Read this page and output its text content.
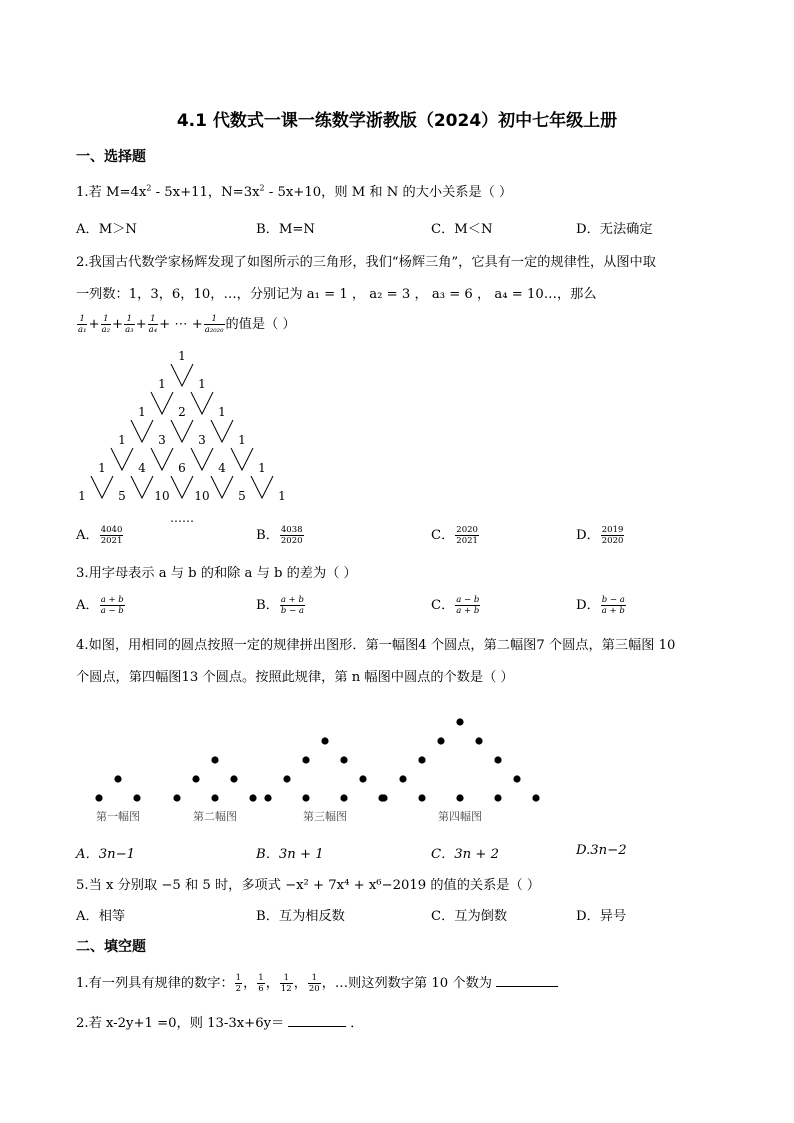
4.1 代数式一课一练数学浙教版（2024）初中七年级上册
一、选择题
1.若 $M=4x^2 - 5x+11$，$N=3x^2 - 5x+10$，则 M 和 N 的大小关系是（ ）
A．M＞N	B．M=N	C．M＜N	D．无法确定
2.我国古代数学家杨辉发现了如图所示的三角形，我们“杨辉三角”，它具有一定的规律性，从图中取
一列数：1，3，6，10，…，分别记为 a₁ = 1 ， a₂ = 3 ， a₃ = 6 ， a₄ = 10…，那么
$\frac{1}{\text{a₁}} + \frac{1}{\text{a₂}} + \frac{1}{\text{a₃}} + \frac{1}{\text{a₄}}$ + ⋯ + $\frac{1}{\text{a₂₀₂₀}}$ 的值是（ ）
1
1	1
1	2	1
1	3	3	1
1	4	6	4	1
1	5 10 10 5	1
……
A． $\frac{4040}{2021}$	B． $\frac{4038}{2020}$	C． $\frac{2020}{2021}$	D． $\frac{2019}{2020}$
3.用字母表示 a 与 b 的和除 a 与 b 的差为（ ）
A． $\frac{a + b}{a - b}$	B． $\frac{a + b}{b - a}$	C． $\frac{a - b}{a + b}$	D． $\frac{b - a}{a + b}$
4.如图，用相同的圆点按照一定的规律拼出图形．第一幅图4 个圆点，第二幅图7 个圆点，第三幅图 10
个圆点，第四幅图13 个圆点。按照此规律，第 n 幅图中圆点的个数是（ ）
第一幅图	第二幅图	第三幅图	第四幅图
A．3n−1	B．3n + 1	C．3n + 2	D.3n−2
5.当 x 分别取 −5 和 5 时，多项式 −x² + 7x⁴ + x⁶−2019 的值的关系是（ ）
A．相等	B．互为相反数	C．互为倒数	D．异号
二、填空题
1.有一列具有规律的数字： $\frac{1}{2}$ ， $\frac{1}{6}$ ， $\frac{1}{12}$ ， $\frac{1}{20}$ ，…则这列数字第 10 个数为
2.若 x-2y+1 =0，则 13-3x+6y＝	．
